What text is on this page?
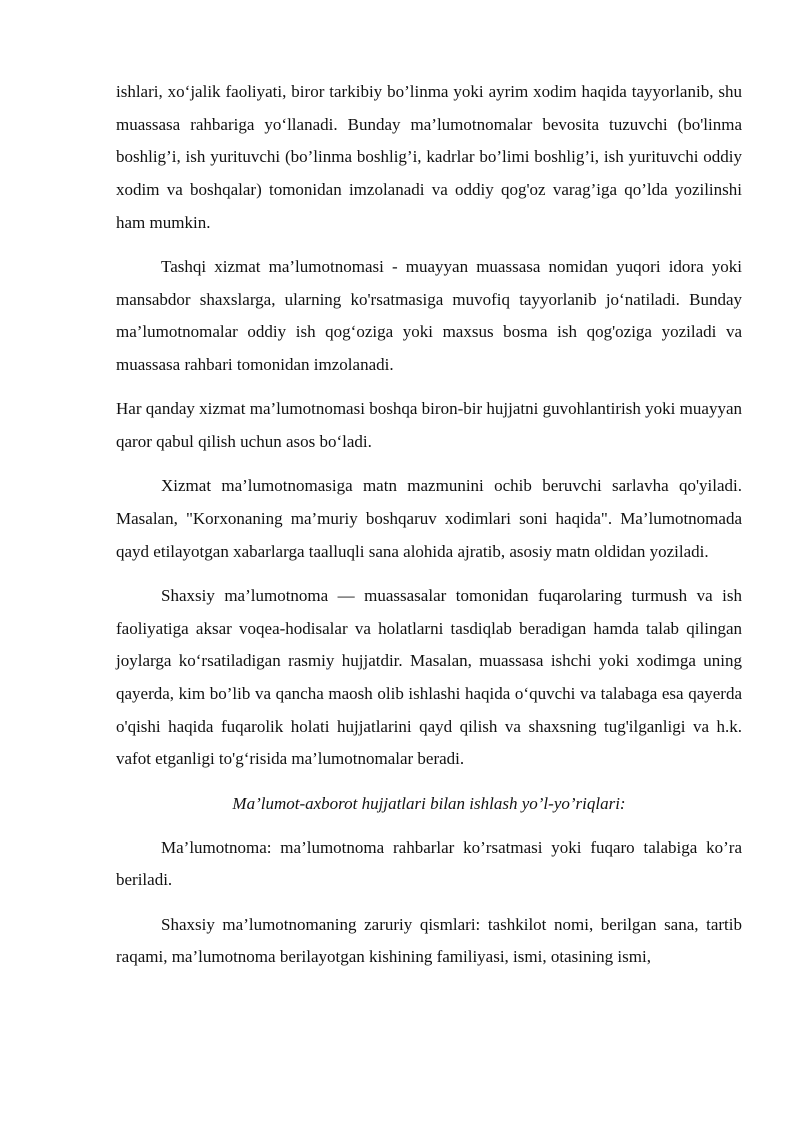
ishlari, xo‘jalik faoliyati, biror tarkibiy bo’linma yoki ayrim xodim haqida tayyorlanib, shu muassasa rahbariga yo‘llanadi. Bunday ma’lumotnomalar bevosita tuzuvchi (bo'linma boshlig’i, ish yurituvchi (bo’linma boshlig’i, kadrlar bo’limi boshlig’i, ish yurituvchi oddiy xodim va boshqalar) tomonidan imzolanadi va oddiy qog'oz varag’iga qo’lda yozilinshi ham mumkin.

Tashqi xizmat ma’lumotnomasi - muayyan muassasa nomidan yuqori idora yoki mansabdor shaxslarga, ularning ko'rsatmasiga muvofiq tayyorlanib jo‘natiladi. Bunday ma’lumotnomalar oddiy ish qog‘oziga yoki maxsus bosma ish qog'oziga yoziladi va muassasa rahbari tomonidan imzolanadi.

Har qanday xizmat ma’lumotnomasi boshqa biron-bir hujjatni guvohlantirish yoki muayyan qaror qabul qilish uchun asos bo‘ladi.

Xizmat ma’lumotnomasiga matn mazmunini ochib beruvchi sarlavha qo'yiladi. Masalan, "Korxonaning ma’muriy boshqaruv xodimlari soni haqida". Ma’lumotnomada qayd etilayotgan xabarlarga taalluqli sana alohida ajratib, asosiy matn oldidan yoziladi.

Shaxsiy ma’lumotnoma — muassasalar tomonidan fuqarolaring turmush va ish faoliyatiga aksar voqea-hodisalar va holatlarni tasdiqlab beradigan hamda talab qilingan joylarga ko‘rsatiladigan rasmiy hujjatdir. Masalan, muassasa ishchi yoki xodimga uning qayerda, kim bo’lib va qancha maosh olib ishlashi haqida o‘quvchi va talabaga esa qayerda o'qishi haqida fuqarolik holati hujjatlarini qayd qilish va shaxsning tug'ilganligi va h.k. vafot etganligi to'g‘risida ma’lumotnomalar beradi.

Ma’lumot-axborot hujjatlari bilan ishlash yo’l-yo’riqlari:

Ma’lumotnoma: ma’lumotnoma rahbarlar ko’rsatmasi yoki fuqaro talabiga ko’ra beriladi.

Shaxsiy ma’lumotnomaning zaruriy qismlari: tashkilot nomi, berilgan sana, tartib raqami, ma’lumotnoma berilayotgan kishining familiyasi, ismi, otasining ismi,
